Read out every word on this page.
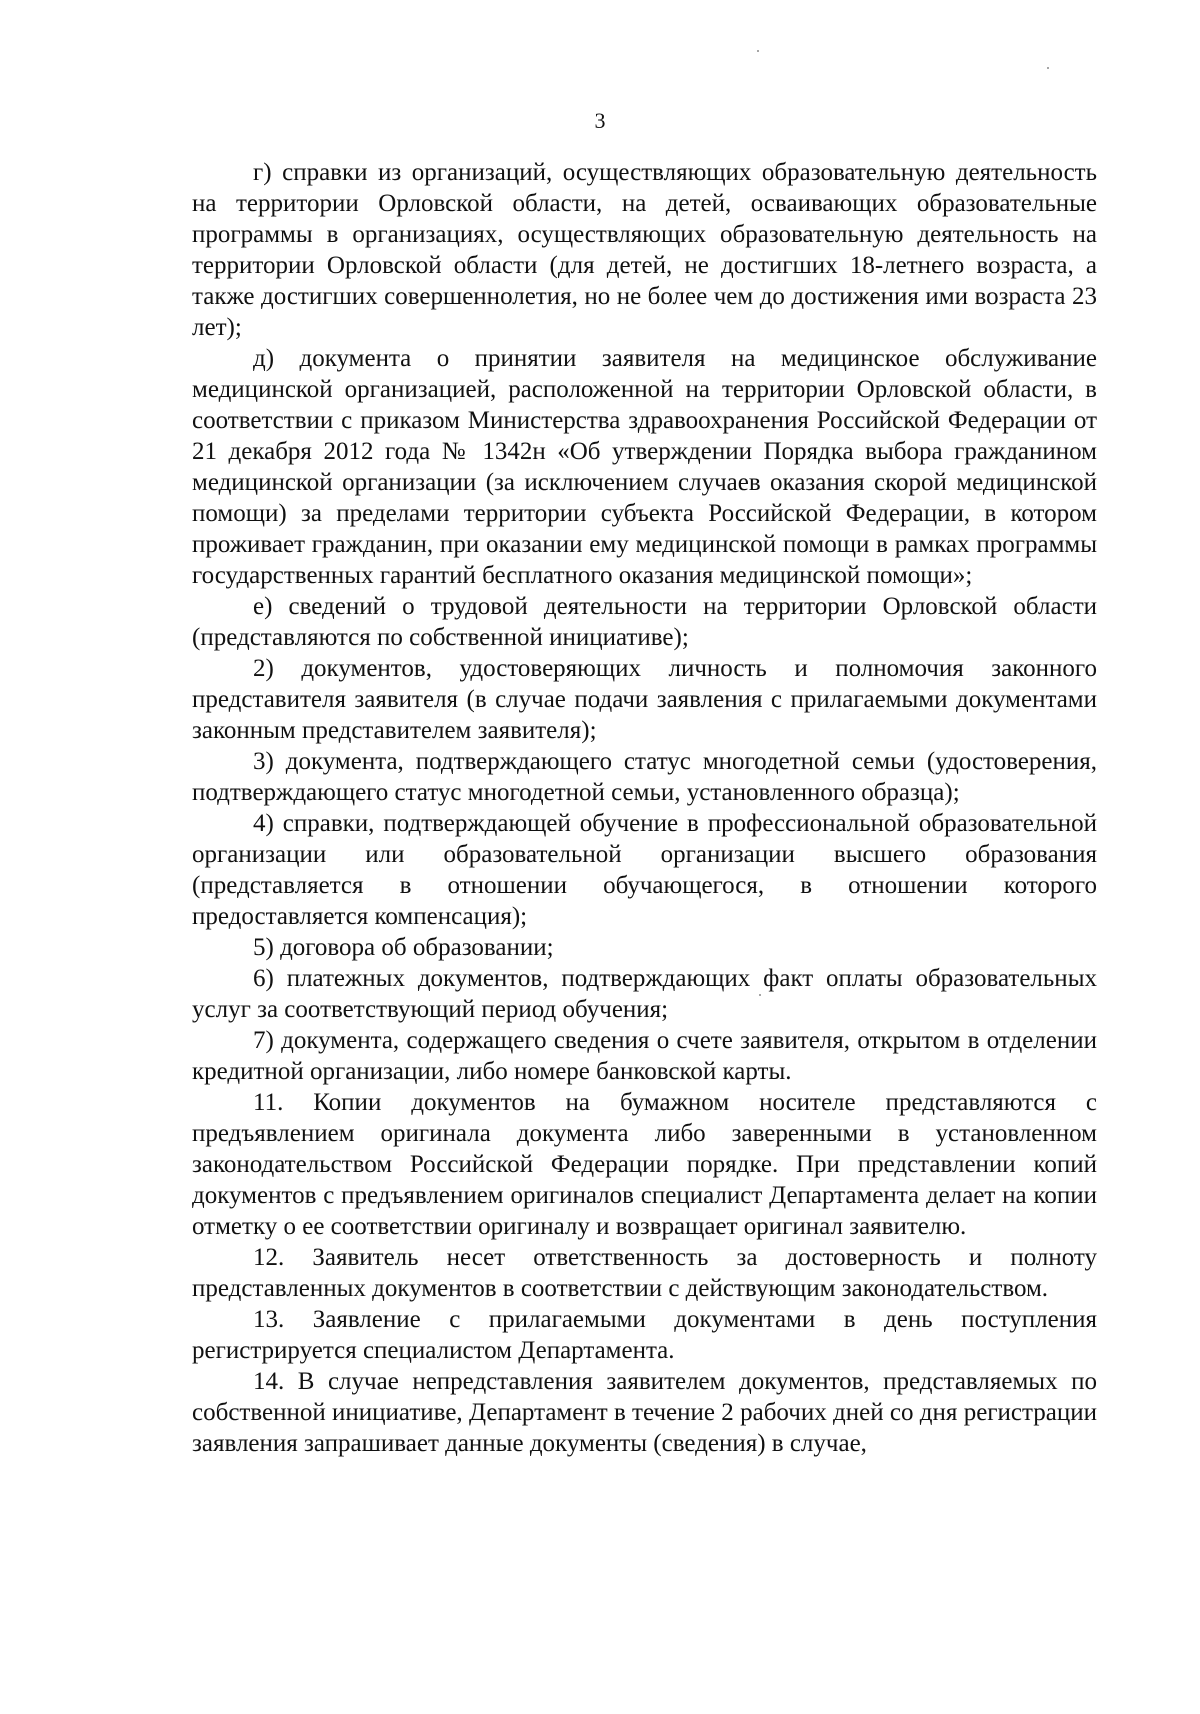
3

г) справки из организаций, осуществляющих образовательную деятельность на территории Орловской области, на детей, осваивающих образовательные программы в организациях, осуществляющих образовательную деятельность на территории Орловской области (для детей, не достигших 18-летнего возраста, а также достигших совершеннолетия, но не более чем до достижения ими возраста 23 лет);

д) документа о принятии заявителя на медицинское обслуживание медицинской организацией, расположенной на территории Орловской области, в соответствии с приказом Министерства здравоохранения Российской Федерации от 21 декабря 2012 года № 1342н «Об утверждении Порядка выбора гражданином медицинской организации (за исключением случаев оказания скорой медицинской помощи) за пределами территории субъекта Российской Федерации, в котором проживает гражданин, при оказании ему медицинской помощи в рамках программы государственных гарантий бесплатного оказания медицинской помощи»;

е) сведений о трудовой деятельности на территории Орловской области (представляются по собственной инициативе);

2) документов, удостоверяющих личность и полномочия законного представителя заявителя (в случае подачи заявления с прилагаемыми документами законным представителем заявителя);

3) документа, подтверждающего статус многодетной семьи (удостоверения, подтверждающего статус многодетной семьи, установленного образца);

4) справки, подтверждающей обучение в профессиональной образовательной организации или образовательной организации высшего образования (представляется в отношении обучающегося, в отношении которого предоставляется компенсация);

5) договора об образовании;

6) платежных документов, подтверждающих факт оплаты образовательных услуг за соответствующий период обучения;

7) документа, содержащего сведения о счете заявителя, открытом в отделении кредитной организации, либо номере банковской карты.

11. Копии документов на бумажном носителе представляются с предъявлением оригинала документа либо заверенными в установленном законодательством Российской Федерации порядке. При представлении копий документов с предъявлением оригиналов специалист Департамента делает на копии отметку о ее соответствии оригиналу и возвращает оригинал заявителю.

12. Заявитель несет ответственность за достоверность и полноту представленных документов в соответствии с действующим законодательством.

13. Заявление с прилагаемыми документами в день поступления регистрируется специалистом Департамента.

14. В случае непредставления заявителем документов, представляемых по собственной инициативе, Департамент в течение 2 рабочих дней со дня регистрации заявления запрашивает данные документы (сведения) в случае,
